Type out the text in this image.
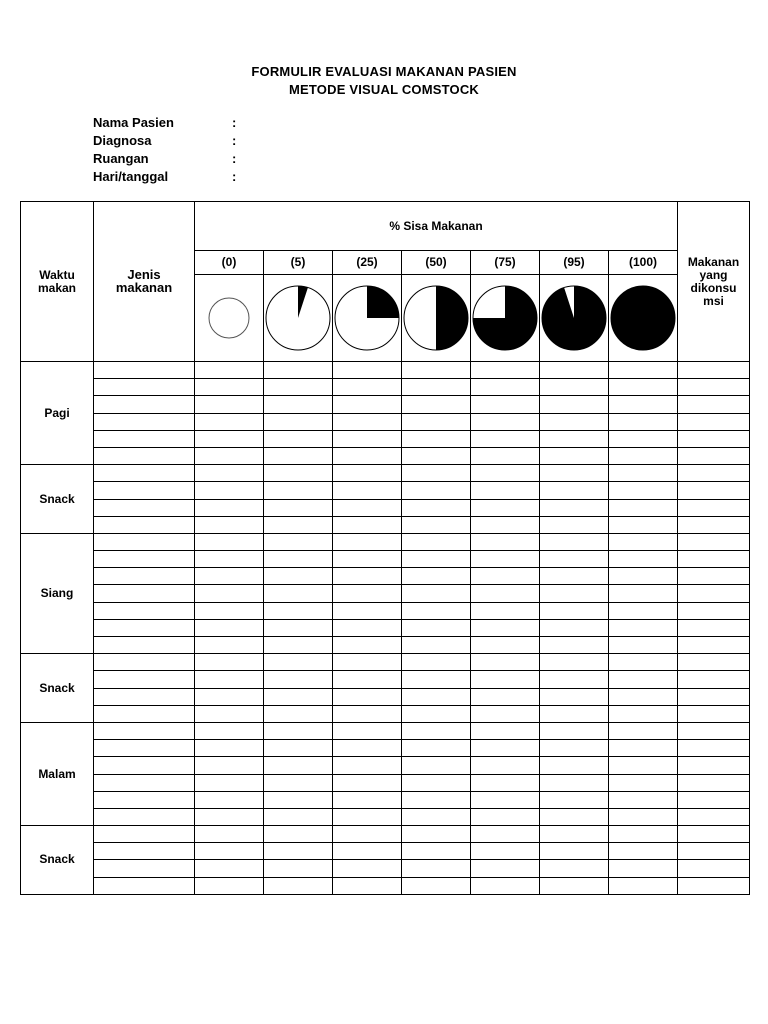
FORMULIR EVALUASI MAKANAN PASIEN
METODE VISUAL COMSTOCK
Nama Pasien	:
Diagnosa	:
Ruangan	:
Hari/tanggal	:
Waktu makan	Jenis makanan	% Sisa Makanan							Makanan yang dikonsu msi
		(0)	(5)	(25)	(50)	(75)	(95)	(100)	

Pagi									

Snack									

Siang									

Snack									

Malam									

Snack									
